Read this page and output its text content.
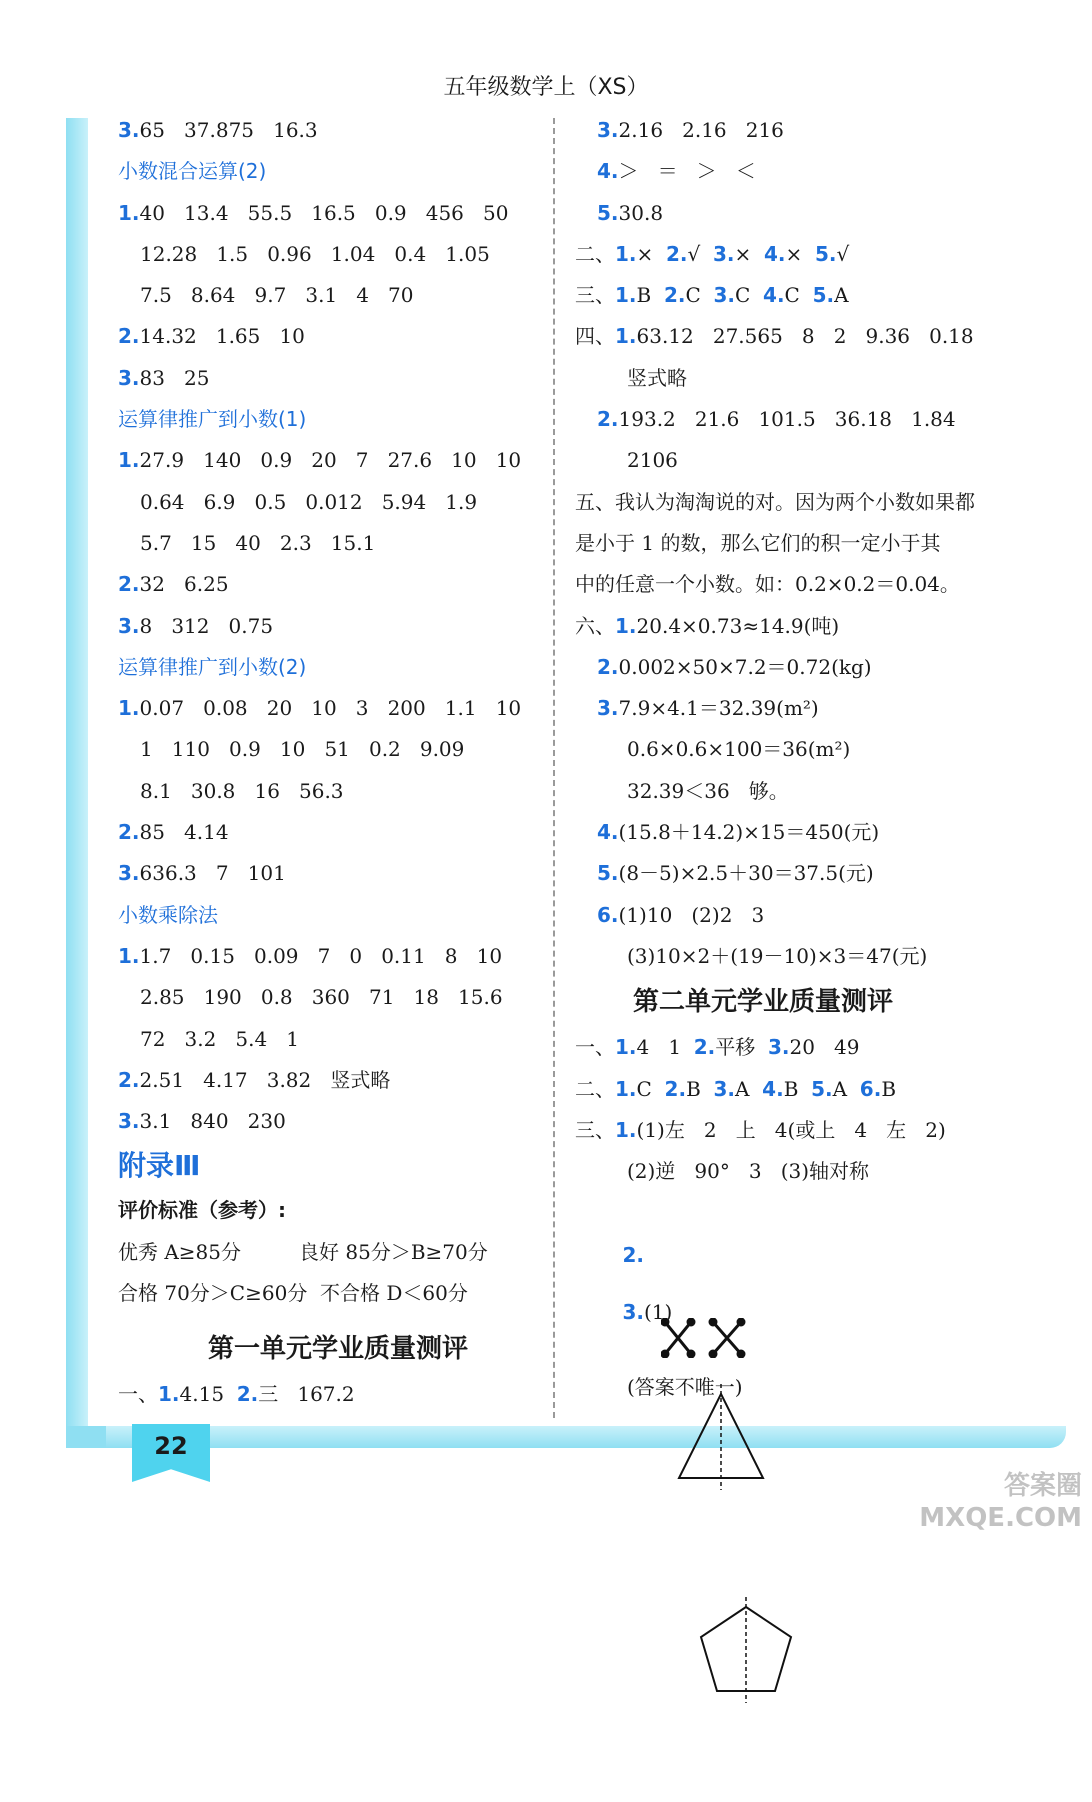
22
五年级数学上（XS）
3.65   37.875   16.3
小数混合运算(2)
1.40   13.4   55.5   16.5   0.9   456   50
12.28   1.5   0.96   1.04   0.4   1.05
7.5   8.64   9.7   3.1   4   70
2.14.32   1.65   10
3.83   25
运算律推广到小数(1)
1.27.9   140   0.9   20   7   27.6   10   10
0.64   6.9   0.5   0.012   5.94   1.9
5.7   15   40   2.3   15.1
2.32   6.25
3.8   312   0.75
运算律推广到小数(2)
1.0.07   0.08   20   10   3   200   1.1   10
1   110   0.9   10   51   0.2   9.09
8.1   30.8   16   56.3
2.85   4.14
3.636.3   7   101
小数乘除法
1.1.7   0.15   0.09   7   0   0.11   8   10
2.85   190   0.8   360   71   18   15.6
72   3.2   5.4   1
2.2.51   4.17   3.82   竖式略
3.3.1   840   230
附录Ⅲ
评价标准（参考）:
优秀 A≥85分	良好 85分＞B≥70分
合格 70分＞C≥60分  不合格 D＜60分
第一单元学业质量测评
一、1.4.15  2.三   167.2
3.2.16   2.16   216
4.＞   ＝   ＞   ＜
5.30.8
二、1.×  2.√  3.×  4.×  5.√
三、1.B  2.C  3.C  4.C  5.A
四、1.63.12   27.565   8   2   9.36   0.18
竖式略
2.193.2   21.6   101.5   36.18   1.84
2106
五、我认为淘淘说的对。因为两个小数如果都
是小于 1 的数，那么它们的积一定小于其
中的任意一个小数。如：0.2×0.2＝0.04。
六、1.20.4×0.73≈14.9(吨)
2.0.002×50×7.2＝0.72(kg)
3.7.9×4.1＝32.39(m²)
0.6×0.6×100＝36(m²)
32.39＜36   够。
4.(15.8＋14.2)×15＝450(元)
5.(8－5)×2.5＋30＝37.5(元)
6.(1)10   (2)2   3
(3)10×2＋(19－10)×3＝47(元)
第二单元学业质量测评
一、1.4   1  2.平移  3.20   49
二、1.C  2.B  3.A  4.B  5.A  6.B
三、1.(1)左   2   上   4(或上   4   左   2)
(2)逆   90°   3   (3)轴对称

2.

3.(1)

(答案不唯一)
答案圈
MXQE.COM
